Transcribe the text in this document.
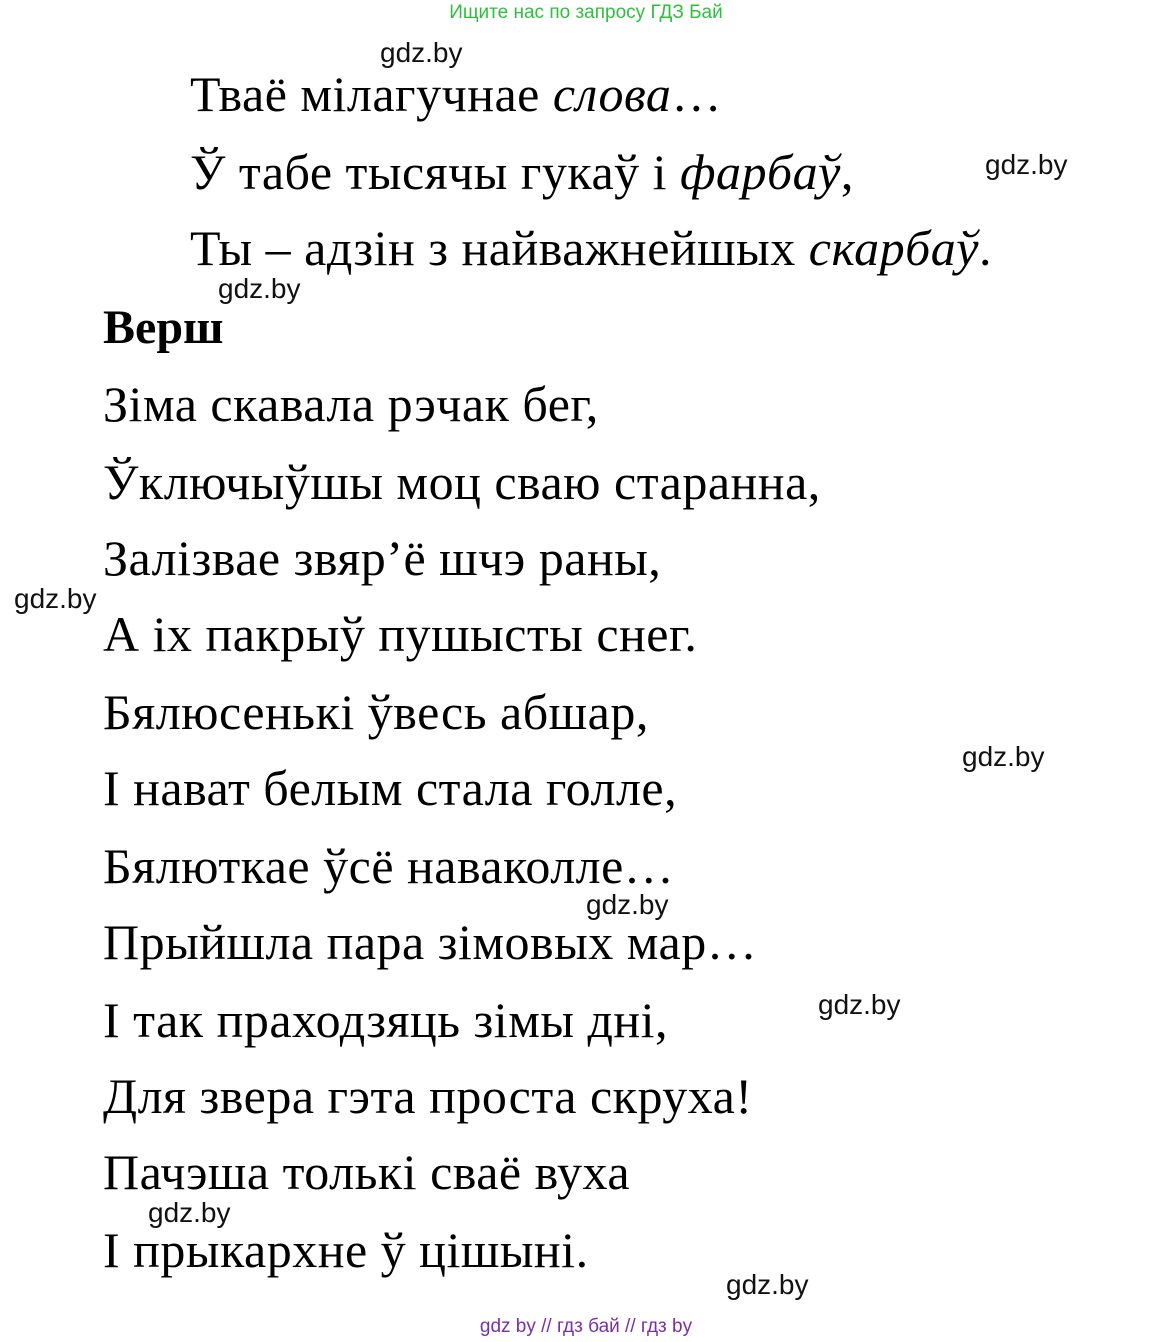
Ищите нас по запросу ГДЗ Бай
Тваё мілагучнае слова…
Ў табе тысячы гукаў і фарбаў,
Ты – адзін з найважнейшых скарбаў.
Верш
Зіма скавала рэчак бег,
Ўключыўшы моц сваю старанна,
Залізвае звяр’ё шчэ раны,
А іх пакрыў пушысты снег.
Бялюсенькі ўвесь абшар,
І нават белым стала голле,
Бялюткае ўсё наваколле…
Прыйшла пара зімовых мар…
І так праходзяць зімы дні,
Для звера гэта проста скруха!
Пачэша толькі сваё вуха
І прыкархне ў цішыні.
gdz.by
gdz.by
gdz.by
gdz.by
gdz.by
gdz.by
gdz.by
gdz.by
gdz.by
gdz by // гдз бай // гдз by
